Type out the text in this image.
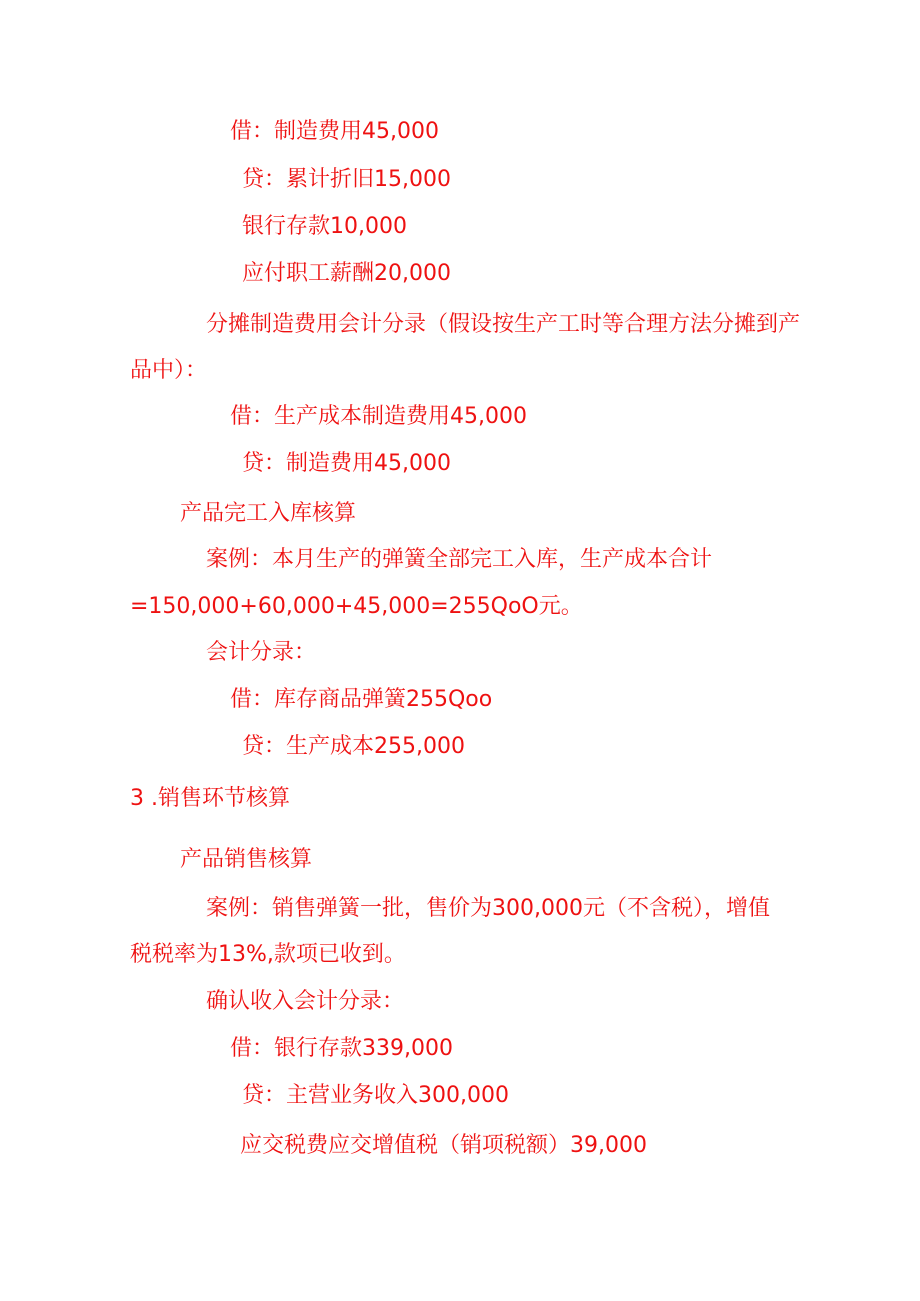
借：制造费用45,000
贷：累计折旧15,000
银行存款10,000
应付职工薪酬20,000
分摊制造费用会计分录（假设按生产工时等合理方法分摊到产
品中）：
借：生产成本制造费用45,000
贷：制造费用45,000
产品完工入库核算
案例：本月生产的弹簧全部完工入库，生产成本合计
=150,000+60,000+45,000=255QoO元。
会计分录：
借：库存商品弹簧255Qoo
贷：生产成本255,000
3 .销售环节核算
产品销售核算
案例：销售弹簧一批，售价为300,000元（不含税），增值
税税率为13%,款项已收到。
确认收入会计分录：
借：银行存款339,000
贷：主营业务收入300,000
应交税费应交增值税（销项税额）39,000
